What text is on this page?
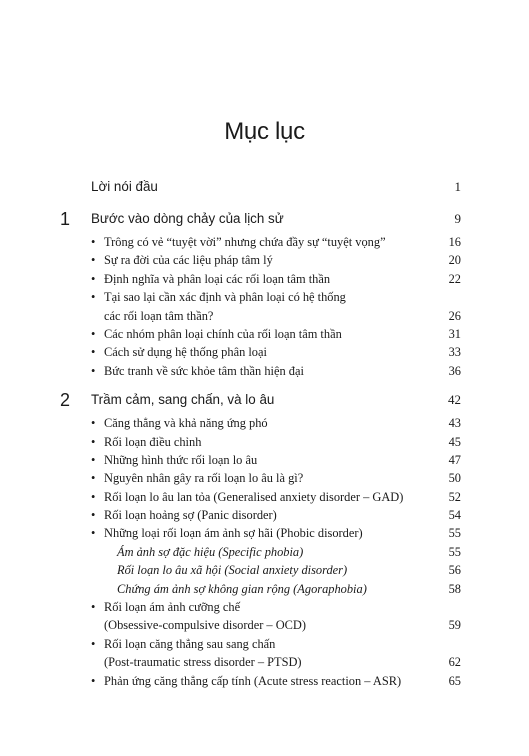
Mục lục
Lời nói đầu	1
1 Bước vào dòng chảy của lịch sử	9
• Trông có vẻ “tuyệt vời” nhưng chứa đầy sự “tuyệt vọng”	16
• Sự ra đời của các liệu pháp tâm lý	20
• Định nghĩa và phân loại các rối loạn tâm thần	22
• Tại sao lại cần xác định và phân loại có hệ thống
các rối loạn tâm thần?	26
• Các nhóm phân loại chính của rối loạn tâm thần	31
• Cách sử dụng hệ thống phân loại	33
• Bức tranh về sức khỏe tâm thần hiện đại	36
2 Trầm cảm, sang chấn, và lo âu	42
• Căng thẳng và khả năng ứng phó	43
• Rối loạn điều chỉnh	45
• Những hình thức rối loạn lo âu	47
• Nguyên nhân gây ra rối loạn lo âu là gì?	50
• Rối loạn lo âu lan tỏa (Generalised anxiety disorder – GAD)	52
• Rối loạn hoảng sợ (Panic disorder)	54
• Những loại rối loạn ám ảnh sợ hãi (Phobic disorder)	55
Ám ảnh sợ đặc hiệu (Specific phobia)	55
Rối loạn lo âu xã hội (Social anxiety disorder)	56
Chứng ám ảnh sợ không gian rộng (Agoraphobia)	58
• Rối loạn ám ảnh cưỡng chế
(Obsessive-compulsive disorder – OCD)	59
• Rối loạn căng thẳng sau sang chấn
(Post-traumatic stress disorder – PTSD)	62
• Phản ứng căng thẳng cấp tính (Acute stress reaction – ASR)	65
